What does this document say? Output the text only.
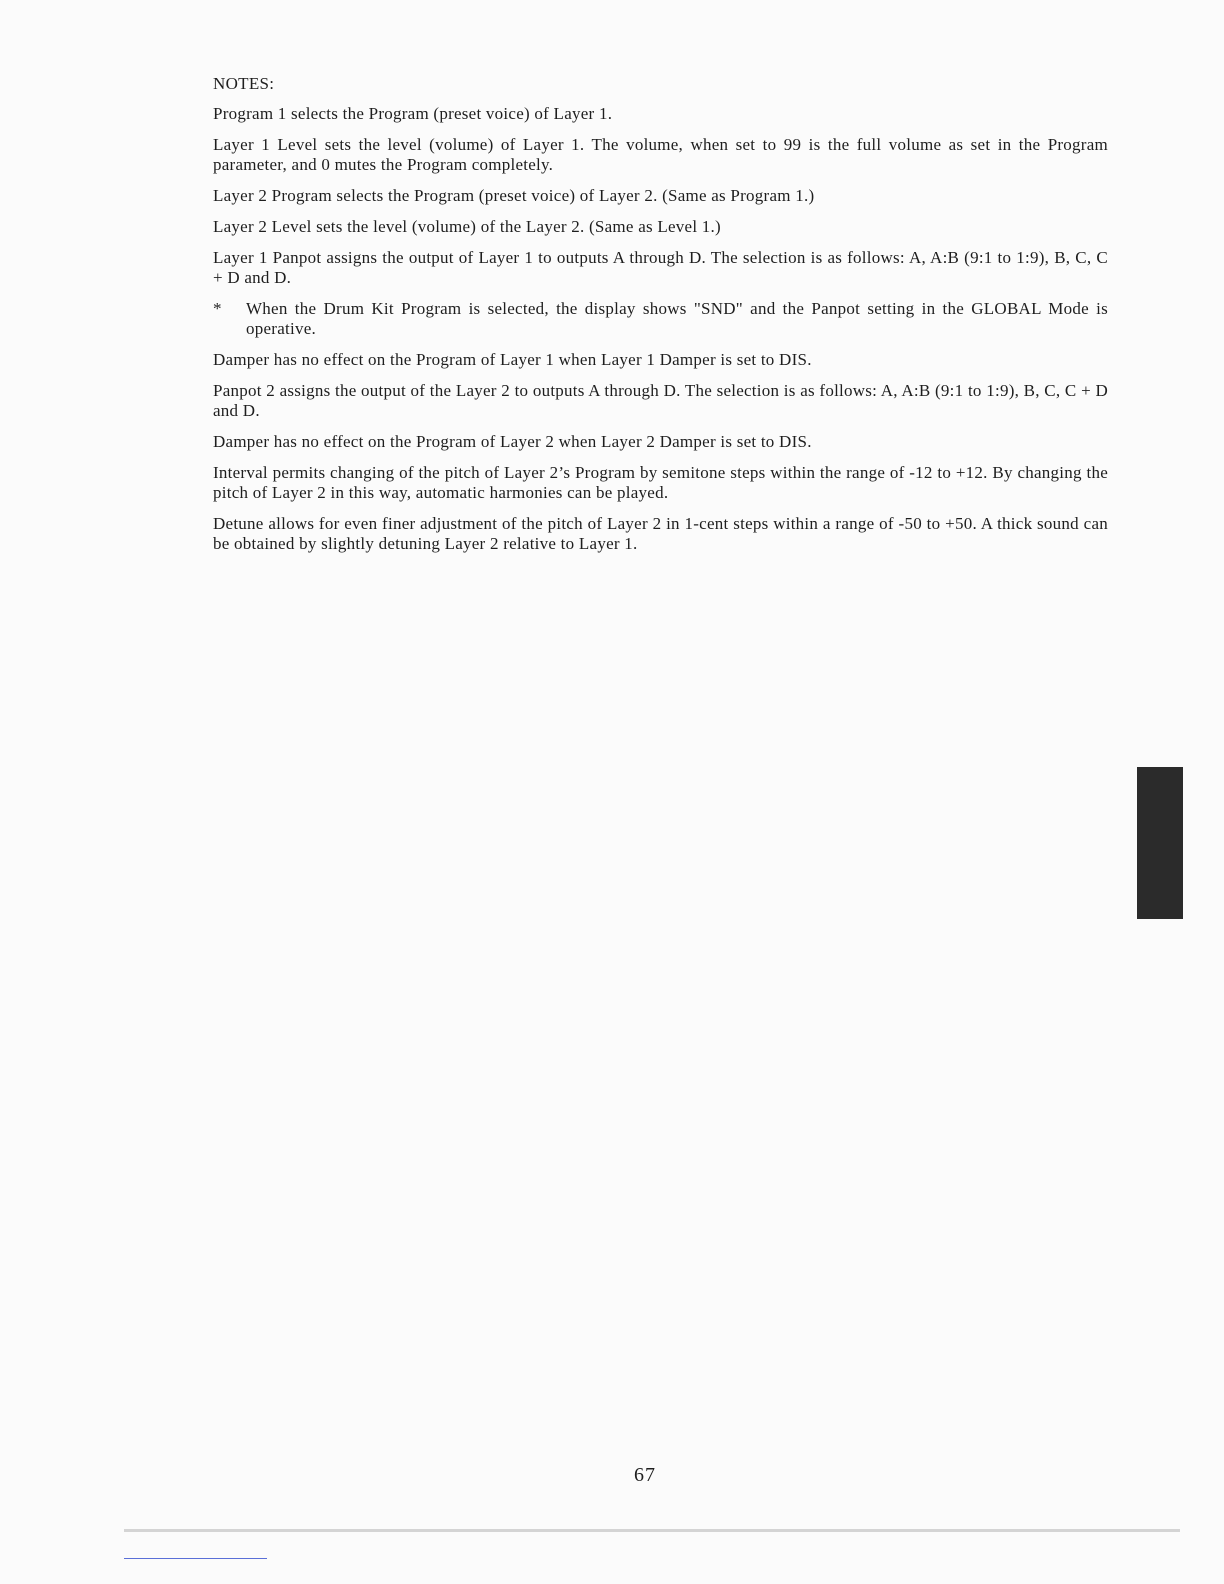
NOTES:

Program 1 selects the Program (preset voice) of Layer 1.

Layer 1 Level sets the level (volume) of Layer 1. The volume, when set to 99 is the full volume as set in the Program parameter, and 0 mutes the Program completely.

Layer 2 Program selects the Program (preset voice) of Layer 2. (Same as Program 1.)

Layer 2 Level sets the level (volume) of the Layer 2. (Same as Level 1.)

Layer 1 Panpot assigns the output of Layer 1 to outputs A through D. The selection is as follows: A, A:B (9:1 to 1:9), B, C, C + D and D.

*	When the Drum Kit Program is selected, the display shows "SND" and the Panpot setting in the GLOBAL Mode is operative.

Damper has no effect on the Program of Layer 1 when Layer 1 Damper is set to DIS.

Panpot 2 assigns the output of the Layer 2 to outputs A through D. The selection is as follows: A, A:B (9:1 to 1:9), B, C, C + D and D.

Damper has no effect on the Program of Layer 2 when Layer 2 Damper is set to DIS.

Interval permits changing of the pitch of Layer 2’s Program by semitone steps within the range of -12 to +12. By changing the pitch of Layer 2 in this way, automatic harmonies can be played.

Detune allows for even finer adjustment of the pitch of Layer 2 in 1-cent steps within a range of -50 to +50. A thick sound can be obtained by slightly detuning Layer 2 relative to Layer 1.

67
